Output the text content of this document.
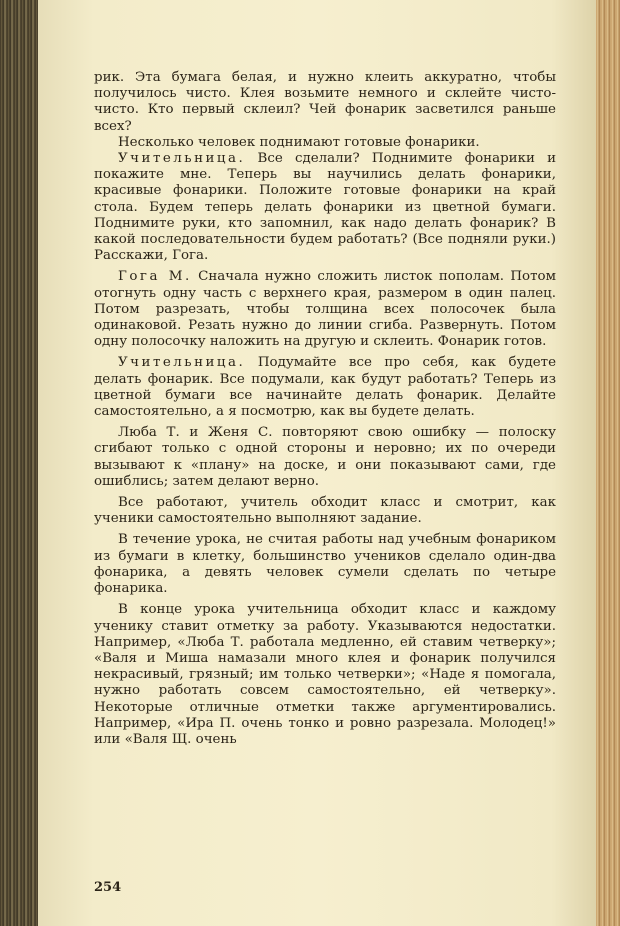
рик. Эта бумага белая, и нужно клеить аккуратно, чтобы получилось чисто. Клея возьмите немного и склейте чисто-чисто. Кто первый склеил? Чей фонарик засветился раньше всех?

Несколько человек поднимают готовые фонарики.

Учительница. Все сделали? Поднимите фонарики и покажите мне. Теперь вы научились делать фонарики, красивые фонарики. Положите готовые фонарики на край стола. Будем теперь делать фонарики из цветной бумаги. Поднимите руки, кто запомнил, как надо делать фонарик? В какой последовательности будем работать? (Все подняли руки.) Расскажи, Гога.

Гога М. Сначала нужно сложить листок пополам. Потом отогнуть одну часть с верхнего края, размером в один палец. Потом разрезать, чтобы толщина всех полосочек была одинаковой. Резать нужно до линии сгиба. Развернуть. Потом одну полосочку наложить на другую и склеить. Фонарик готов.

Учительница. Подумайте все про себя, как будете делать фонарик. Все подумали, как будут работать? Теперь из цветной бумаги все начинайте делать фонарик. Делайте самостоятельно, а я посмотрю, как вы будете делать.

Люба Т. и Женя С. повторяют свою ошибку — полоску сгибают только с одной стороны и неровно; их по очереди вызывают к «плану» на доске, и они показывают сами, где ошиблись; затем делают верно.

Все работают, учитель обходит класс и смотрит, как ученики самостоятельно выполняют задание.

В течение урока, не считая работы над учебным фонариком из бумаги в клетку, большинство учеников сделало один-два фонарика, а девять человек сумели сделать по четыре фонарика.

В конце урока учительница обходит класс и каждому ученику ставит отметку за работу. Указываются недостатки. Например, «Люба Т. работала медленно, ей ставим четверку»; «Валя и Миша намазали много клея и фонарик получился некрасивый, грязный; им только четверки»; «Наде я помогала, нужно работать совсем самостоятельно, ей четверку». Некоторые отличные отметки также аргументировались. Например, «Ира П. очень тонко и ровно разрезала. Молодец!» или «Валя Щ. очень

254
